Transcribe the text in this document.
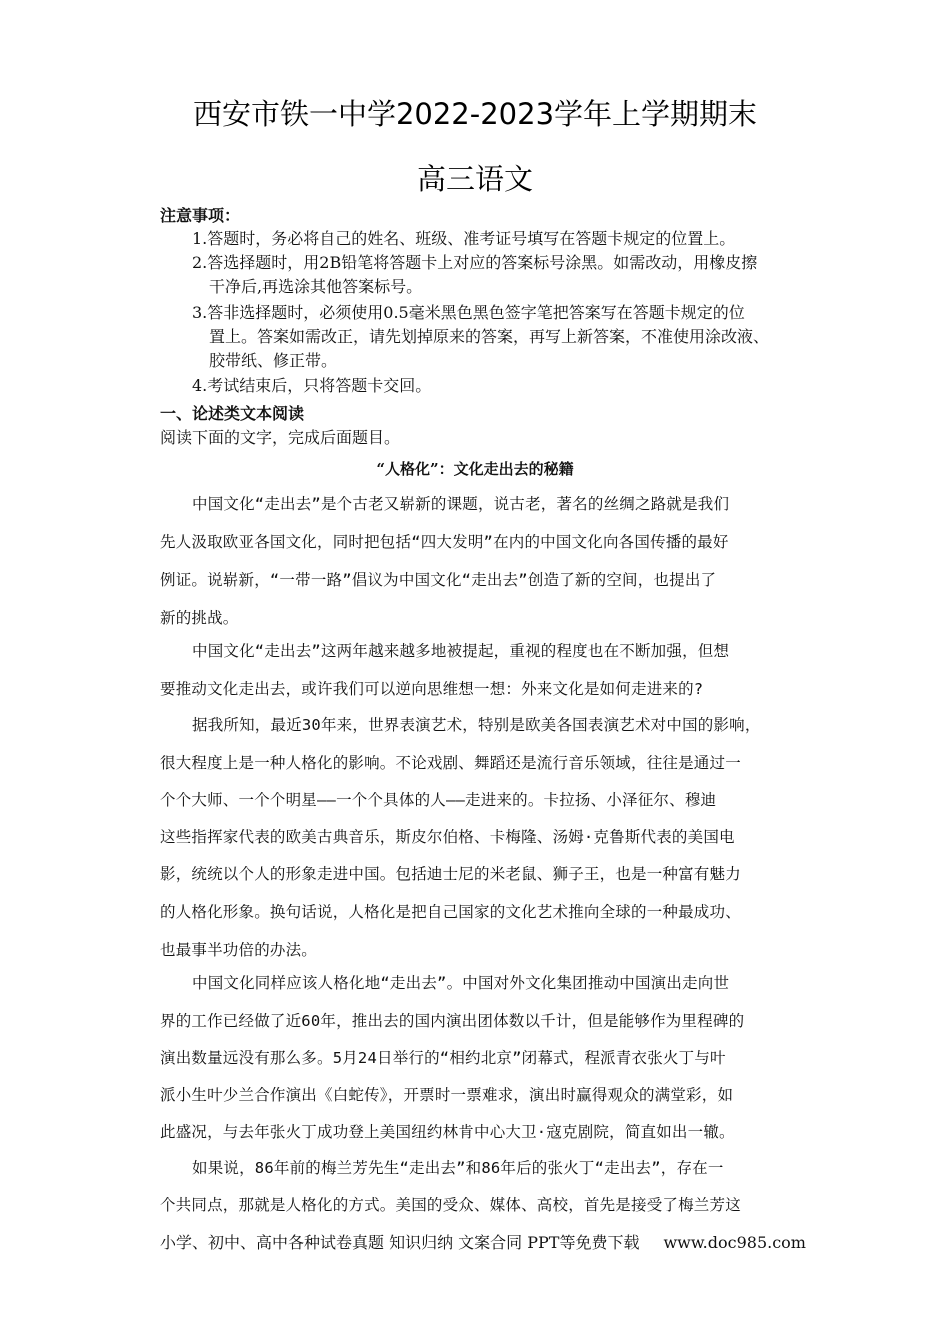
西安市铁一中学2022-2023学年上学期期末
高三语文
注意事项：
1.答题时，务必将自己的姓名、班级、准考证号填写在答题卡规定的位置上。
2.答选择题时，用2B铅笔将答题卡上对应的答案标号涂黑。如需改动，用橡皮擦
干净后,再选涂其他答案标号。
3.答非选择题时，必须使用0.5毫米黑色黑色签字笔把答案写在答题卡规定的位
置上。答案如需改正，请先划掉原来的答案，再写上新答案，不准使用涂改液、
胶带纸、修正带。
4.考试结束后，只将答题卡交回。
一、论述类文本阅读
阅读下面的文字，完成后面题目。
“人格化”：文化走出去的秘籍
中国文化“走出去”是个古老又崭新的课题，说古老，著名的丝绸之路就是我们
先人汲取欧亚各国文化，同时把包括“四大发明”在内的中国文化向各国传播的最好
例证。说崭新，“一带一路”倡议为中国文化“走出去”创造了新的空间，也提出了
新的挑战。
中国文化“走出去”这两年越来越多地被提起，重视的程度也在不断加强，但想
要推动文化走出去，或许我们可以逆向思维想一想：外来文化是如何走进来的?
据我所知，最近30年来，世界表演艺术，特别是欧美各国表演艺术对中国的影响，
很大程度上是一种人格化的影响。不论戏剧、舞蹈还是流行音乐领域，往往是通过一
个个大师、一个个明星——一个个具体的人——走进来的。卡拉扬、小泽征尔、穆迪
这些指挥家代表的欧美古典音乐，斯皮尔伯格、卡梅隆、汤姆·克鲁斯代表的美国电
影，统统以个人的形象走进中国。包括迪士尼的米老鼠、狮子王，也是一种富有魅力
的人格化形象。换句话说，人格化是把自己国家的文化艺术推向全球的一种最成功、
也最事半功倍的办法。
中国文化同样应该人格化地“走出去”。中国对外文化集团推动中国演出走向世
界的工作已经做了近60年，推出去的国内演出团体数以千计，但是能够作为里程碑的
演出数量远没有那么多。5月24日举行的“相约北京”闭幕式，程派青衣张火丁与叶
派小生叶少兰合作演出《白蛇传》，开票时一票难求，演出时赢得观众的满堂彩，如
此盛况，与去年张火丁成功登上美国纽约林肯中心大卫·寇克剧院，简直如出一辙。
如果说，86年前的梅兰芳先生“走出去”和86年后的张火丁“走出去”，存在一
个共同点，那就是人格化的方式。美国的受众、媒体、高校，首先是接受了梅兰芳这
小学、初中、高中各种试卷真题 知识归纳 文案合同 PPT等免费下载 www.doc985.com
